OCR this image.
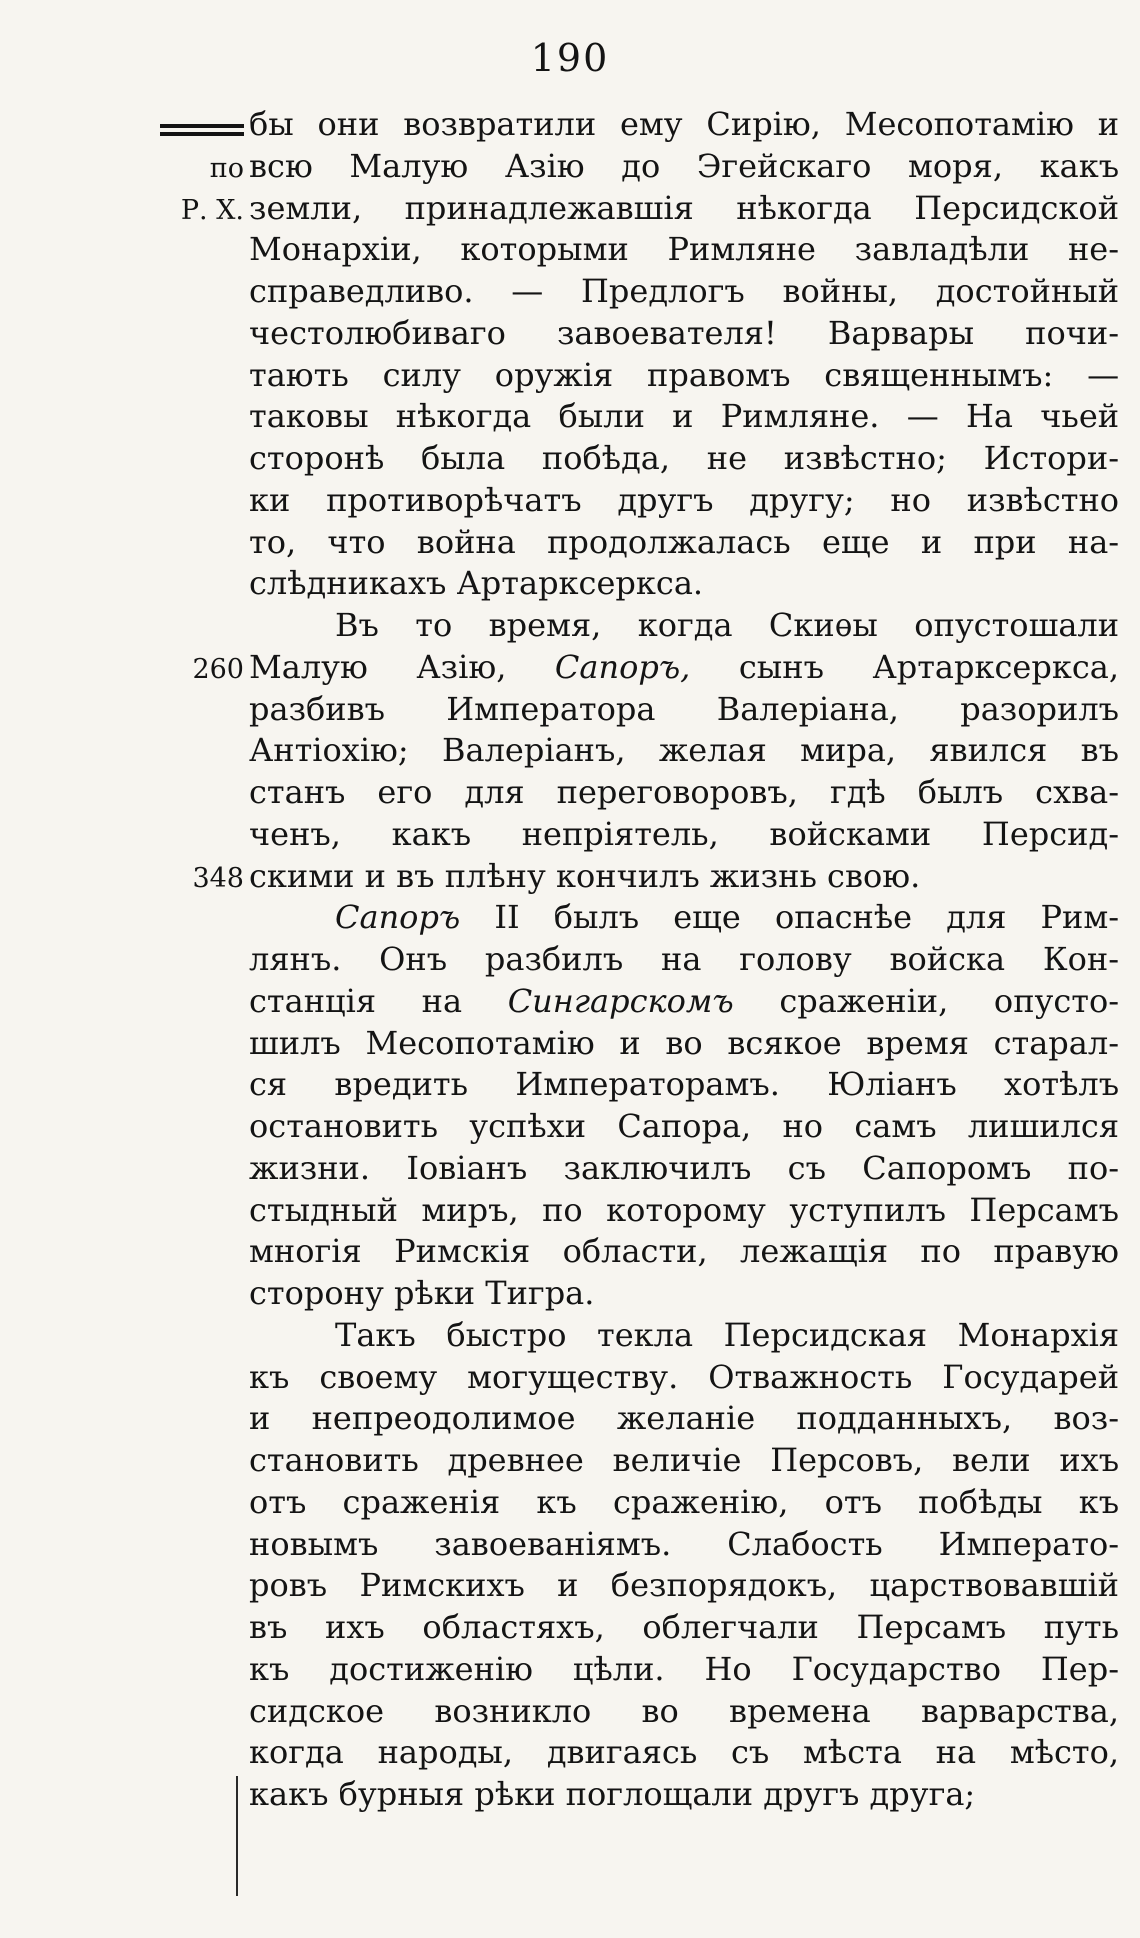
190
по
Р. Х.
260
348
бы они возвратили ему Сирію, Месопотамію и
всю Малую Азію до Эгейскаго моря, какъ
земли, принадлежавшія нѣкогда Персидской
Монархіи, которыми Римляне завладѣли не-
справедливо. — Предлогъ войны, достойный
честолюбиваго завоевателя! Варвары почи-
тають силу оружія правомъ священнымъ: —
таковы нѣкогда были и Римляне. — На чьей
сторонѣ была побѣда, не извѣстно; Истори-
ки противорѣчатъ другъ другу; но извѣстно
то, что война продолжалась еще и при на-
слѣдникахъ Артарксеркса.
Въ то время, когда Скиѳы опустошали
Малую Азію, Сапоръ, сынъ Артарксеркса,
разбивъ Императора Валеріана, разорилъ
Антіохію; Валеріанъ, желая мира, явился въ
станъ его для переговоровъ, гдѣ былъ схва-
ченъ, какъ непріятель, войсками Персид-
скими и въ плѣну кончилъ жизнь свою.
Сапоръ II былъ еще опаснѣе для Рим-
лянъ. Онъ разбилъ на голову войска Кон-
станція на Сингарскомъ сраженіи, опусто-
шилъ Месопотамію и во всякое время старал-
ся вредить Императорамъ. Юліанъ хотѣлъ
остановить успѣхи Сапора, но самъ лишился
жизни. Іовіанъ заключилъ съ Сапоромъ по-
стыдный миръ, по которому уступилъ Персамъ
многія Римскія области, лежащія по правую
сторону рѣки Тигра.
Такъ быстро текла Персидская Монархія
къ своему могуществу. Отважность Государей
и непреодолимое желаніе подданныхъ, воз-
становить древнее величіе Персовъ, вели ихъ
отъ сраженія къ сраженію, отъ побѣды къ
новымъ завоеваніямъ. Слабость Императо-
ровъ Римскихъ и безпорядокъ, царствовавшій
въ ихъ областяхъ, облегчали Персамъ путь
къ достиженію цѣли. Но Государство Пер-
сидское возникло во времена варварства,
когда народы, двигаясь съ мѣста на мѣсто,
какъ бурныя рѣки поглощали другъ друга;
